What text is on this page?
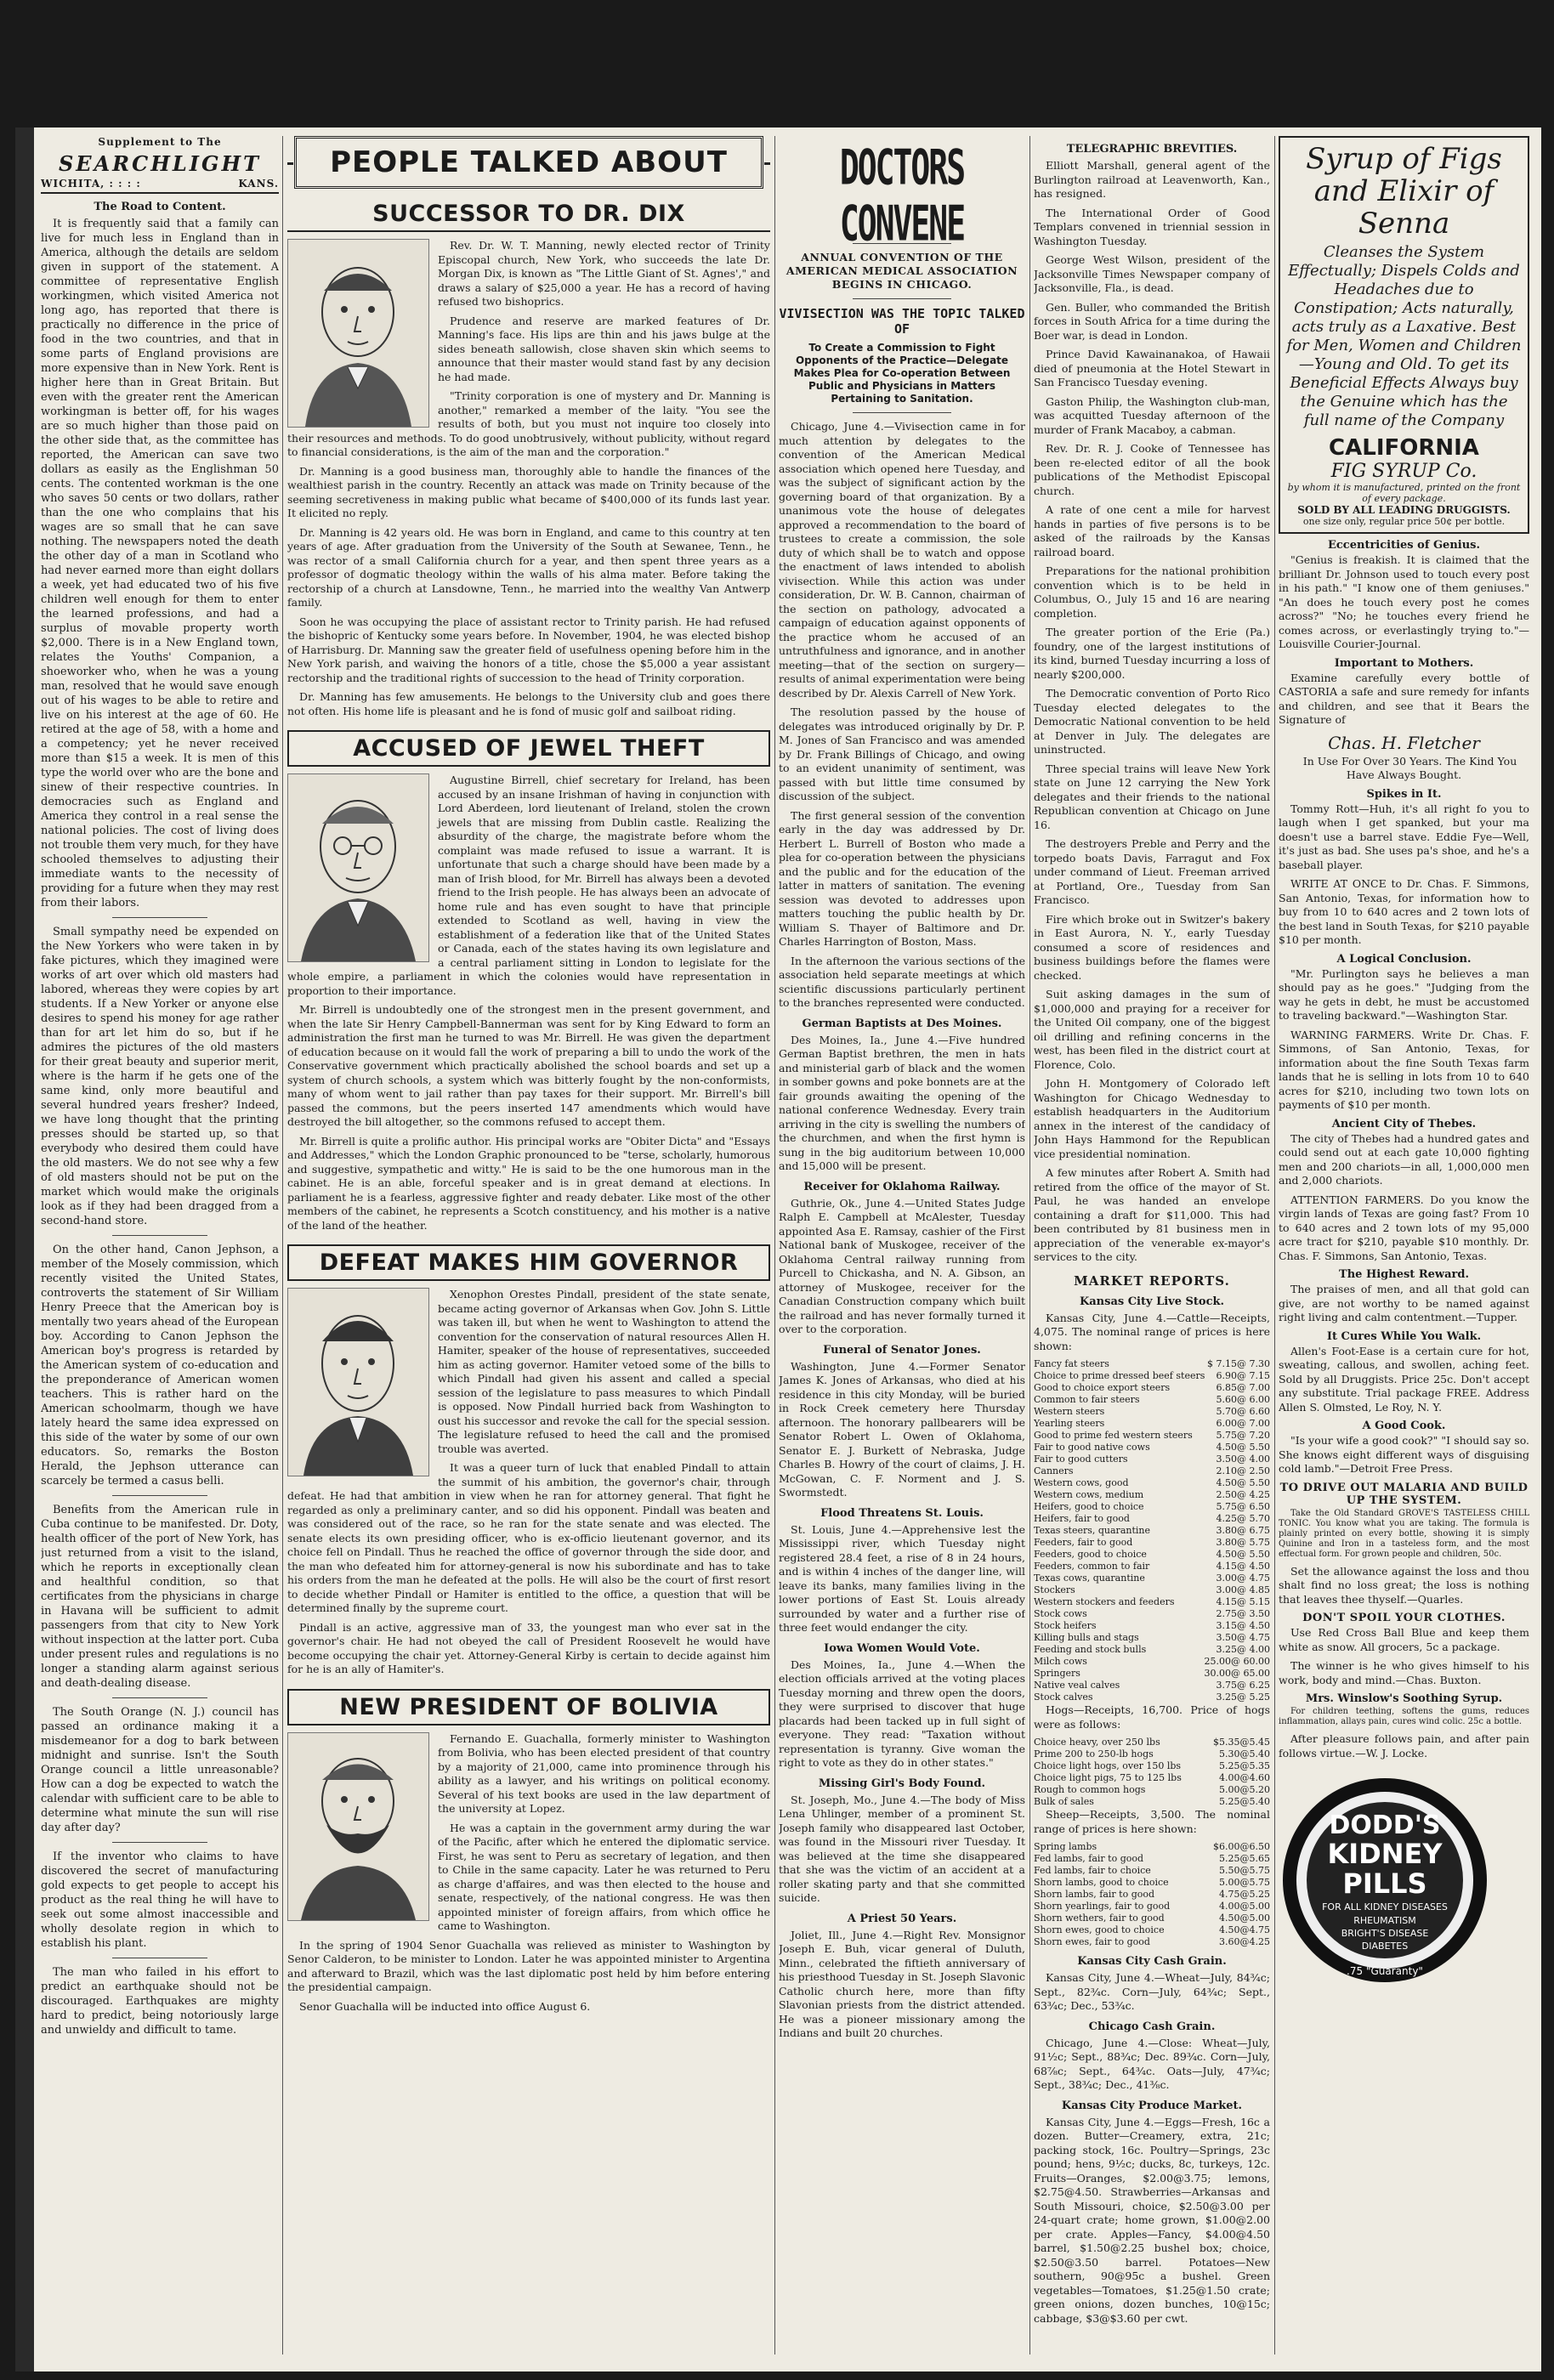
Supplement to The
SEARCHLIGHT
WICHITA, : : : :	KANS.
The Road to Content.

It is frequently said that a family can live for much less in England than in America, although the details are seldom given in support of the statement. A committee of representative English workingmen, which visited America not long ago, has reported that there is practically no difference in the price of food in the two countries, and that in some parts of England provisions are more expensive than in New York. Rent is higher here than in Great Britain. But even with the greater rent the American workingman is better off, for his wages are so much higher than those paid on the other side that, as the committee has reported, the American can save two dollars as easily as the Englishman 50 cents. The contented workman is the one who saves 50 cents or two dollars, rather than the one who complains that his wages are so small that he can save nothing. The newspapers noted the death the other day of a man in Scotland who had never earned more than eight dollars a week, yet had educated two of his five children well enough for them to enter the learned professions, and had a surplus of movable property worth $2,000. There is in a New England town, relates the Youths' Companion, a shoeworker who, when he was a young man, resolved that he would save enough out of his wages to be able to retire and live on his interest at the age of 60. He retired at the age of 58, with a home and a competency; yet he never received more than $15 a week. It is men of this type the world over who are the bone and sinew of their respective countries. In democracies such as England and America they control in a real sense the national policies. The cost of living does not trouble them very much, for they have schooled themselves to adjusting their immediate wants to the necessity of providing for a future when they may rest from their labors.

Small sympathy need be expended on the New Yorkers who were taken in by fake pictures, which they imagined were works of art over which old masters had labored, whereas they were copies by art students. If a New Yorker or anyone else desires to spend his money for age rather than for art let him do so, but if he admires the pictures of the old masters for their great beauty and superior merit, where is the harm if he gets one of the same kind, only more beautiful and several hundred years fresher? Indeed, we have long thought that the printing presses should be started up, so that everybody who desired them could have the old masters. We do not see why a few of old masters should not be put on the market which would make the originals look as if they had been dragged from a second-hand store.

On the other hand, Canon Jephson, a member of the Mosely commission, which recently visited the United States, controverts the statement of Sir William Henry Preece that the American boy is mentally two years ahead of the European boy. According to Canon Jephson the American boy's progress is retarded by the American system of co-education and the preponderance of American women teachers. This is rather hard on the American schoolmarm, though we have lately heard the same idea expressed on this side of the water by some of our own educators. So, remarks the Boston Herald, the Jephson utterance can scarcely be termed a casus belli.

Benefits from the American rule in Cuba continue to be manifested. Dr. Doty, health officer of the port of New York, has just returned from a visit to the island, which he reports in exceptionally clean and healthful condition, so that certificates from the physicians in charge in Havana will be sufficient to admit passengers from that city to New York without inspection at the latter port. Cuba under present rules and regulations is no longer a standing alarm against serious and death-dealing disease.

The South Orange (N. J.) council has passed an ordinance making it a misdemeanor for a dog to bark between midnight and sunrise. Isn't the South Orange council a little unreasonable? How can a dog be expected to watch the calendar with sufficient care to be able to determine what minute the sun will rise day after day?

If the inventor who claims to have discovered the secret of manufacturing gold expects to get people to accept his product as the real thing he will have to seek out some almost inaccessible and wholly desolate region in which to establish his plant.

The man who failed in his effort to predict an earthquake should not be discouraged. Earthquakes are mighty hard to predict, being notoriously large and unwieldy and difficult to tame.

PEOPLE TALKED ABOUT
SUCCESSOR TO DR. DIX

Rev. Dr. W. T. Manning, newly elected rector of Trinity Episcopal church, New York, who succeeds the late Dr. Morgan Dix, is known as "The Little Giant of St. Agnes'," and draws a salary of $25,000 a year. He has a record of having refused two bishoprics.

Prudence and reserve are marked features of Dr. Manning's face. His lips are thin and his jaws bulge at the sides beneath sallowish, close shaven skin which seems to announce that their master would stand fast by any decision he had made.

"Trinity corporation is one of mystery and Dr. Manning is another," remarked a member of the laity. "You see the results of both, but you must not inquire too closely into their resources and methods. To do good unobtrusively, without publicity, without regard to financial considerations, is the aim of the man and the corporation."

Dr. Manning is a good business man, thoroughly able to handle the finances of the wealthiest parish in the country. Recently an attack was made on Trinity because of the seeming secretiveness in making public what became of $400,000 of its funds last year. It elicited no reply.

Dr. Manning is 42 years old. He was born in England, and came to this country at ten years of age. After graduation from the University of the South at Sewanee, Tenn., he was rector of a small California church for a year, and then spent three years as a professor of dogmatic theology within the walls of his alma mater. Before taking the rectorship of a church at Lansdowne, Tenn., he married into the wealthy Van Antwerp family.

Soon he was occupying the place of assistant rector to Trinity parish. He had refused the bishopric of Kentucky some years before. In November, 1904, he was elected bishop of Harrisburg. Dr. Manning saw the greater field of usefulness opening before him in the New York parish, and waiving the honors of a title, chose the $5,000 a year assistant rectorship and the traditional rights of succession to the head of Trinity corporation.

Dr. Manning has few amusements. He belongs to the University club and goes there not often. His home life is pleasant and he is fond of music golf and sailboat riding.

ACCUSED OF JEWEL THEFT

Augustine Birrell, chief secretary for Ireland, has been accused by an insane Irishman of having in conjunction with Lord Aberdeen, lord lieutenant of Ireland, stolen the crown jewels that are missing from Dublin castle. Realizing the absurdity of the charge, the magistrate before whom the complaint was made refused to issue a warrant. It is unfortunate that such a charge should have been made by a man of Irish blood, for Mr. Birrell has always been a devoted friend to the Irish people. He has always been an advocate of home rule and has even sought to have that principle extended to Scotland as well, having in view the establishment of a federation like that of the United States or Canada, each of the states having its own legislature and a central parliament sitting in London to legislate for the whole empire, a parliament in which the colonies would have representation in proportion to their importance.

Mr. Birrell is undoubtedly one of the strongest men in the present government, and when the late Sir Henry Campbell-Bannerman was sent for by King Edward to form an administration the first man he turned to was Mr. Birrell. He was given the department of education because on it would fall the work of preparing a bill to undo the work of the Conservative government which practically abolished the school boards and set up a system of church schools, a system which was bitterly fought by the non-conformists, many of whom went to jail rather than pay taxes for their support. Mr. Birrell's bill passed the commons, but the peers inserted 147 amendments which would have destroyed the bill altogether, so the commons refused to accept them.

Mr. Birrell is quite a prolific author. His principal works are "Obiter Dicta" and "Essays and Addresses," which the London Graphic pronounced to be "terse, scholarly, humorous and suggestive, sympathetic and witty." He is said to be the one humorous man in the cabinet. He is an able, forceful speaker and is in great demand at elections. In parliament he is a fearless, aggressive fighter and ready debater. Like most of the other members of the cabinet, he represents a Scotch constituency, and his mother is a native of the land of the heather.

DEFEAT MAKES HIM GOVERNOR

Xenophon Orestes Pindall, president of the state senate, became acting governor of Arkansas when Gov. John S. Little was taken ill, but when he went to Washington to attend the convention for the conservation of natural resources Allen H. Hamiter, speaker of the house of representatives, succeeded him as acting governor. Hamiter vetoed some of the bills to which Pindall had given his assent and called a special session of the legislature to pass measures to which Pindall is opposed. Now Pindall hurried back from Washington to oust his successor and revoke the call for the special session. The legislature refused to heed the call and the promised trouble was averted.

It was a queer turn of luck that enabled Pindall to attain the summit of his ambition, the governor's chair, through defeat. He had that ambition in view when he ran for attorney general. That fight he regarded as only a preliminary canter, and so did his opponent. Pindall was beaten and was considered out of the race, so he ran for the state senate and was elected. The senate elects its own presiding officer, who is ex-officio lieutenant governor, and its choice fell on Pindall. Thus he reached the office of governor through the side door, and the man who defeated him for attorney-general is now his subordinate and has to take his orders from the man he defeated at the polls. He will also be the court of first resort to decide whether Pindall or Hamiter is entitled to the office, a question that will be determined finally by the supreme court.

Pindall is an active, aggressive man of 33, the youngest man who ever sat in the governor's chair. He had not obeyed the call of President Roosevelt he would have become occupying the chair yet. Attorney-General Kirby is certain to decide against him for he is an ally of Hamiter's.

NEW PRESIDENT OF BOLIVIA

Fernando E. Guachalla, formerly minister to Washington from Bolivia, who has been elected president of that country by a majority of 21,000, came into prominence through his ability as a lawyer, and his writings on political economy. Several of his text books are used in the law department of the university at Lopez.

He was a captain in the government army during the war of the Pacific, after which he entered the diplomatic service. First, he was sent to Peru as secretary of legation, and then to Chile in the same capacity. Later he was returned to Peru as charge d'affaires, and was then elected to the house and senate, respectively, of the national congress. He was then appointed minister of foreign affairs, from which office he came to Washington.

In the spring of 1904 Senor Guachalla was relieved as minister to Washington by Senor Calderon, to be minister to London. Later he was appointed minister to Argentina and afterward to Brazil, which was the last diplomatic post held by him before entering the presidential campaign.

Senor Guachalla will be inducted into office August 6.

DOCTORS CONVENE
ANNUAL CONVENTION OF THE AMERICAN MEDICAL ASSOCIATION BEGINS IN CHICAGO.
VIVISECTION WAS THE TOPIC TALKED OF
To Create a Commission to Fight Opponents of the Practice—Delegate Makes Plea for Co-operation Between Public and Physicians in Matters Pertaining to Sanitation.

Chicago, June 4.—Vivisection came in for much attention by delegates to the convention of the American Medical association which opened here Tuesday, and was the subject of significant action by the governing board of that organization. By a unanimous vote the house of delegates approved a recommendation to the board of trustees to create a commission, the sole duty of which shall be to watch and oppose the enactment of laws intended to abolish vivisection. While this action was under consideration, Dr. W. B. Cannon, chairman of the section on pathology, advocated a campaign of education against opponents of the practice whom he accused of an untruthfulness and ignorance, and in another meeting—that of the section on surgery—results of animal experimentation were being described by Dr. Alexis Carrell of New York.

The resolution passed by the house of delegates was introduced originally by Dr. P. M. Jones of San Francisco and was amended by Dr. Frank Billings of Chicago, and owing to an evident unanimity of sentiment, was passed with but little time consumed by discussion of the subject.

The first general session of the convention early in the day was addressed by Dr. Herbert L. Burrell of Boston who made a plea for co-operation between the physicians and the public and for the education of the latter in matters of sanitation. The evening session was devoted to addresses upon matters touching the public health by Dr. William S. Thayer of Baltimore and Dr. Charles Harrington of Boston, Mass.

In the afternoon the various sections of the association held separate meetings at which scientific discussions particularly pertinent to the branches represented were conducted.

German Baptists at Des Moines.

Des Moines, Ia., June 4.—Five hundred German Baptist brethren, the men in hats and ministerial garb of black and the women in somber gowns and poke bonnets are at the fair grounds awaiting the opening of the national conference Wednesday. Every train arriving in the city is swelling the numbers of the churchmen, and when the first hymn is sung in the big auditorium between 10,000 and 15,000 will be present.

Receiver for Oklahoma Railway.

Guthrie, Ok., June 4.—United States Judge Ralph E. Campbell at McAlester, Tuesday appointed Asa E. Ramsay, cashier of the First National bank of Muskogee, receiver of the Oklahoma Central railway running from Purcell to Chickasha, and N. A. Gibson, an attorney of Muskogee, receiver for the Canadian Construction company which built the railroad and has never formally turned it over to the corporation.

Funeral of Senator Jones.

Washington, June 4.—Former Senator James K. Jones of Arkansas, who died at his residence in this city Monday, will be buried in Rock Creek cemetery here Thursday afternoon. The honorary pallbearers will be Senator Robert L. Owen of Oklahoma, Senator E. J. Burkett of Nebraska, Judge Charles B. Howry of the court of claims, J. H. McGowan, C. F. Norment and J. S. Swormstedt.

Flood Threatens St. Louis.

St. Louis, June 4.—Apprehensive lest the Mississippi river, which Tuesday night registered 28.4 feet, a rise of 8 in 24 hours, and is within 4 inches of the danger line, will leave its banks, many families living in the lower portions of East St. Louis already surrounded by water and a further rise of three feet would endanger the city.

Iowa Women Would Vote.

Des Moines, Ia., June 4.—When the election officials arrived at the voting places Tuesday morning and threw open the doors, they were surprised to discover that huge placards had been tacked up in full sight of everyone. They read: "Taxation without representation is tyranny. Give woman the right to vote as they do in other states."

Missing Girl's Body Found.

St. Joseph, Mo., June 4.—The body of Miss Lena Uhlinger, member of a prominent St. Joseph family who disappeared last October, was found in the Missouri river Tuesday. It was believed at the time she disappeared that she was the victim of an accident at a roller skating party and that she committed suicide.

A Priest 50 Years.

Joliet, Ill., June 4.—Right Rev. Monsignor Joseph E. Buh, vicar general of Duluth, Minn., celebrated the fiftieth anniversary of his priesthood Tuesday in St. Joseph Slavonic Catholic church here, more than fifty Slavonian priests from the district attended. He was a pioneer missionary among the Indians and built 20 churches.

TELEGRAPHIC BREVITIES.

Elliott Marshall, general agent of the Burlington railroad at Leavenworth, Kan., has resigned.

The International Order of Good Templars convened in triennial session in Washington Tuesday.

George West Wilson, president of the Jacksonville Times Newspaper company of Jacksonville, Fla., is dead.

Gen. Buller, who commanded the British forces in South Africa for a time during the Boer war, is dead in London.

Prince David Kawainanakoa, of Hawaii died of pneumonia at the Hotel Stewart in San Francisco Tuesday evening.

Gaston Philip, the Washington club-man, was acquitted Tuesday afternoon of the murder of Frank Macaboy, a cabman.

Rev. Dr. R. J. Cooke of Tennessee has been re-elected editor of all the book publications of the Methodist Episcopal church.

A rate of one cent a mile for harvest hands in parties of five persons is to be asked of the railroads by the Kansas railroad board.

Preparations for the national prohibition convention which is to be held in Columbus, O., July 15 and 16 are nearing completion.

The greater portion of the Erie (Pa.) foundry, one of the largest institutions of its kind, burned Tuesday incurring a loss of nearly $200,000.

The Democratic convention of Porto Rico Tuesday elected delegates to the Democratic National convention to be held at Denver in July. The delegates are uninstructed.

Three special trains will leave New York state on June 12 carrying the New York delegates and their friends to the national Republican convention at Chicago on June 16.

The destroyers Preble and Perry and the torpedo boats Davis, Farragut and Fox under command of Lieut. Freeman arrived at Portland, Ore., Tuesday from San Francisco.

Fire which broke out in Switzer's bakery in East Aurora, N. Y., early Tuesday consumed a score of residences and business buildings before the flames were checked.

Suit asking damages in the sum of $1,000,000 and praying for a receiver for the United Oil company, one of the biggest oil drilling and refining concerns in the west, has been filed in the district court at Florence, Colo.

John H. Montgomery of Colorado left Washington for Chicago Wednesday to establish headquarters in the Auditorium annex in the interest of the candidacy of John Hays Hammond for the Republican vice presidential nomination.

A few minutes after Robert A. Smith had retired from the office of the mayor of St. Paul, he was handed an envelope containing a draft for $11,000. This had been contributed by 81 business men in appreciation of the venerable ex-mayor's services to the city.

MARKET REPORTS.
Kansas City Live Stock.

Kansas City, June 4.—Cattle—Receipts, 4,075. The nominal range of prices is here shown:

Fancy fat steers	$ 7.15@ 7.30
Choice to prime dressed beef steers 6.90@ 7.15
Good to choice export steers	6.85@ 7.00
Common to fair steers	5.60@ 6.00
Western steers	5.70@ 6.60
Yearling steers	6.00@ 7.00
Good to prime fed western steers	5.75@ 7.20
Fair to good native cows	4.50@ 5.50
Fair to good cutters	3.50@ 4.00
Canners	2.10@ 2.50
Western cows, good	4.50@ 5.50
Western cows, medium	2.50@ 4.25
Heifers, good to choice	5.75@ 6.50
Heifers, fair to good	4.25@ 5.70
Texas steers, quarantine	3.80@ 6.75
Feeders, fair to good	3.80@ 5.75
Feeders, good to choice	4.50@ 5.50
Feeders, common to fair	4.15@ 4.50
Texas cows, quarantine	3.00@ 4.75
Stockers	3.00@ 4.85
Western stockers and feeders	4.15@ 5.15
Stock cows	2.75@ 3.50
Stock heifers	3.15@ 4.50
Killing bulls and stags	3.50@ 4.75
Feeding and stock bulls	3.25@ 4.00
Milch cows	25.00@ 60.00
Springers	30.00@ 65.00
Native veal calves	3.75@ 6.25
Stock calves	3.25@ 5.25

Hogs—Receipts, 16,700. Price of hogs were as follows:

Choice heavy, over 250 lbs	$5.35@5.45
Prime 200 to 250-lb hogs	5.30@5.40
Choice light hogs, over 150 lbs	5.25@5.35
Choice light pigs, 75 to 125 lbs	4.00@4.60
Rough to common hogs	5.00@5.20
Bulk of sales	5.25@5.40

Sheep—Receipts, 3,500. The nominal range of prices is here shown:

Spring lambs	$6.00@6.50
Fed lambs, fair to good	5.25@5.65
Fed lambs, fair to choice	5.50@5.75
Shorn lambs, good to choice	5.00@5.75
Shorn lambs, fair to good	4.75@5.25
Shorn yearlings, fair to good	4.00@5.00
Shorn wethers, fair to good	4.50@5.00
Shorn ewes, good to choice	4.50@4.75
Shorn ewes, fair to good	3.60@4.25
Kansas City Cash Grain.

Kansas City, June 4.—Wheat—July, 84¾c; Sept., 82¾c. Corn—July, 64¾c; Sept., 63¾c; Dec., 53¾c.

Chicago Cash Grain.

Chicago, June 4.—Close: Wheat—July, 91½c; Sept., 88¾c; Dec. 89¾c. Corn—July, 68⅞c; Sept., 64¾c. Oats—July, 47¾c; Sept., 38¾c; Dec., 41⅜c.

Kansas City Produce Market.

Kansas City, June 4.—Eggs—Fresh, 16c a dozen. Butter—Creamery, extra, 21c; packing stock, 16c. Poultry—Springs, 23c pound; hens, 9½c; ducks, 8c, turkeys, 12c. Fruits—Oranges, $2.00@3.75; lemons, $2.75@4.50. Strawberries—Arkansas and South Missouri, choice, $2.50@3.00 per 24-quart crate; home grown, $1.00@2.00 per crate. Apples—Fancy, $4.00@4.50 barrel, $1.50@2.25 bushel box; choice, $2.50@3.50 barrel. Potatoes—New southern, 90@95c a bushel. Green vegetables—Tomatoes, $1.25@1.50 crate; green onions, dozen bunches, 10@15c; cabbage, $3@$3.60 per cwt.

Syrup of Figs
and Elixir of Senna
Cleanses the System Effectually; Dispels Colds and Headaches due to Constipation; Acts naturally, acts truly as a Laxative. Best for Men, Women and Children—Young and Old. To get its Beneficial Effects Always buy the Genuine which has the full name of the Company
CALIFORNIA
FIG SYRUP Co.
by whom it is manufactured, printed on the front of every package.
SOLD BY ALL LEADING DRUGGISTS.
one size only, regular price 50¢ per bottle.
Eccentricities of Genius.

"Genius is freakish. It is claimed that the brilliant Dr. Johnson used to touch every post in his path." "I know one of them geniuses." "An does he touch every post he comes across?" "No; he touches every friend he comes across, or everlastingly trying to."—Louisville Courier-Journal.

Important to Mothers.

Examine carefully every bottle of CASTORIA a safe and sure remedy for infants and children, and see that it Bears the Signature of

Chas. H. Fletcher

In Use For Over 30 Years. The Kind You Have Always Bought.

Spikes in It.

Tommy Rott—Huh, it's all right fo you to laugh when I get spanked, but your ma doesn't use a barrel stave. Eddie Fye—Well, it's just as bad. She uses pa's shoe, and he's a baseball player.

WRITE AT ONCE to Dr. Chas. F. Simmons, San Antonio, Texas, for information how to buy from 10 to 640 acres and 2 town lots of the best land in South Texas, for $210 payable $10 per month.

A Logical Conclusion.

"Mr. Purlington says he believes a man should pay as he goes." "Judging from the way he gets in debt, he must be accustomed to traveling backward."—Washington Star.

WARNING FARMERS. Write Dr. Chas. F. Simmons, of San Antonio, Texas, for information about the fine South Texas farm lands that he is selling in lots from 10 to 640 acres for $210, including two town lots on payments of $10 per month.

Ancient City of Thebes.

The city of Thebes had a hundred gates and could send out at each gate 10,000 fighting men and 200 chariots—in all, 1,000,000 men and 2,000 chariots.

ATTENTION FARMERS. Do you know the virgin lands of Texas are going fast? From 10 to 640 acres and 2 town lots of my 95,000 acre tract for $210, payable $10 monthly. Dr. Chas. F. Simmons, San Antonio, Texas.

The Highest Reward.

The praises of men, and all that gold can give, are not worthy to be named against right living and calm contentment.—Tupper.

It Cures While You Walk.

Allen's Foot-Ease is a certain cure for hot, sweating, callous, and swollen, aching feet. Sold by all Druggists. Price 25c. Don't accept any substitute. Trial package FREE. Address Allen S. Olmsted, Le Roy, N. Y.

A Good Cook.

"Is your wife a good cook?" "I should say so. She knows eight different ways of disguising cold lamb."—Detroit Free Press.

TO DRIVE OUT MALARIA AND BUILD UP THE SYSTEM.

Take the Old Standard GROVE'S TASTELESS CHILL TONIC. You know what you are taking. The formula is plainly printed on every bottle, showing it is simply Quinine and Iron in a tasteless form, and the most effectual form. For grown people and children, 50c.

Set the allowance against the loss and thou shalt find no loss great; the loss is nothing that leaves thee thyself.—Quarles.

DON'T SPOIL YOUR CLOTHES.

Use Red Cross Ball Blue and keep them white as snow. All grocers, 5c a package.

The winner is he who gives himself to his work, body and mind.—Chas. Buxton.

Mrs. Winslow's Soothing Syrup.

For children teething, softens the gums, reduces inflammation, allays pain, cures wind colic. 25c a bottle.

After pleasure follows pain, and after pain follows virtue.—W. J. Locke.

DODD'S
KIDNEY
PILLS
FOR ALL KIDNEY DISEASES
RHEUMATISM
BRIGHT'S DISEASE
DIABETES
.75 "Guaranty"
